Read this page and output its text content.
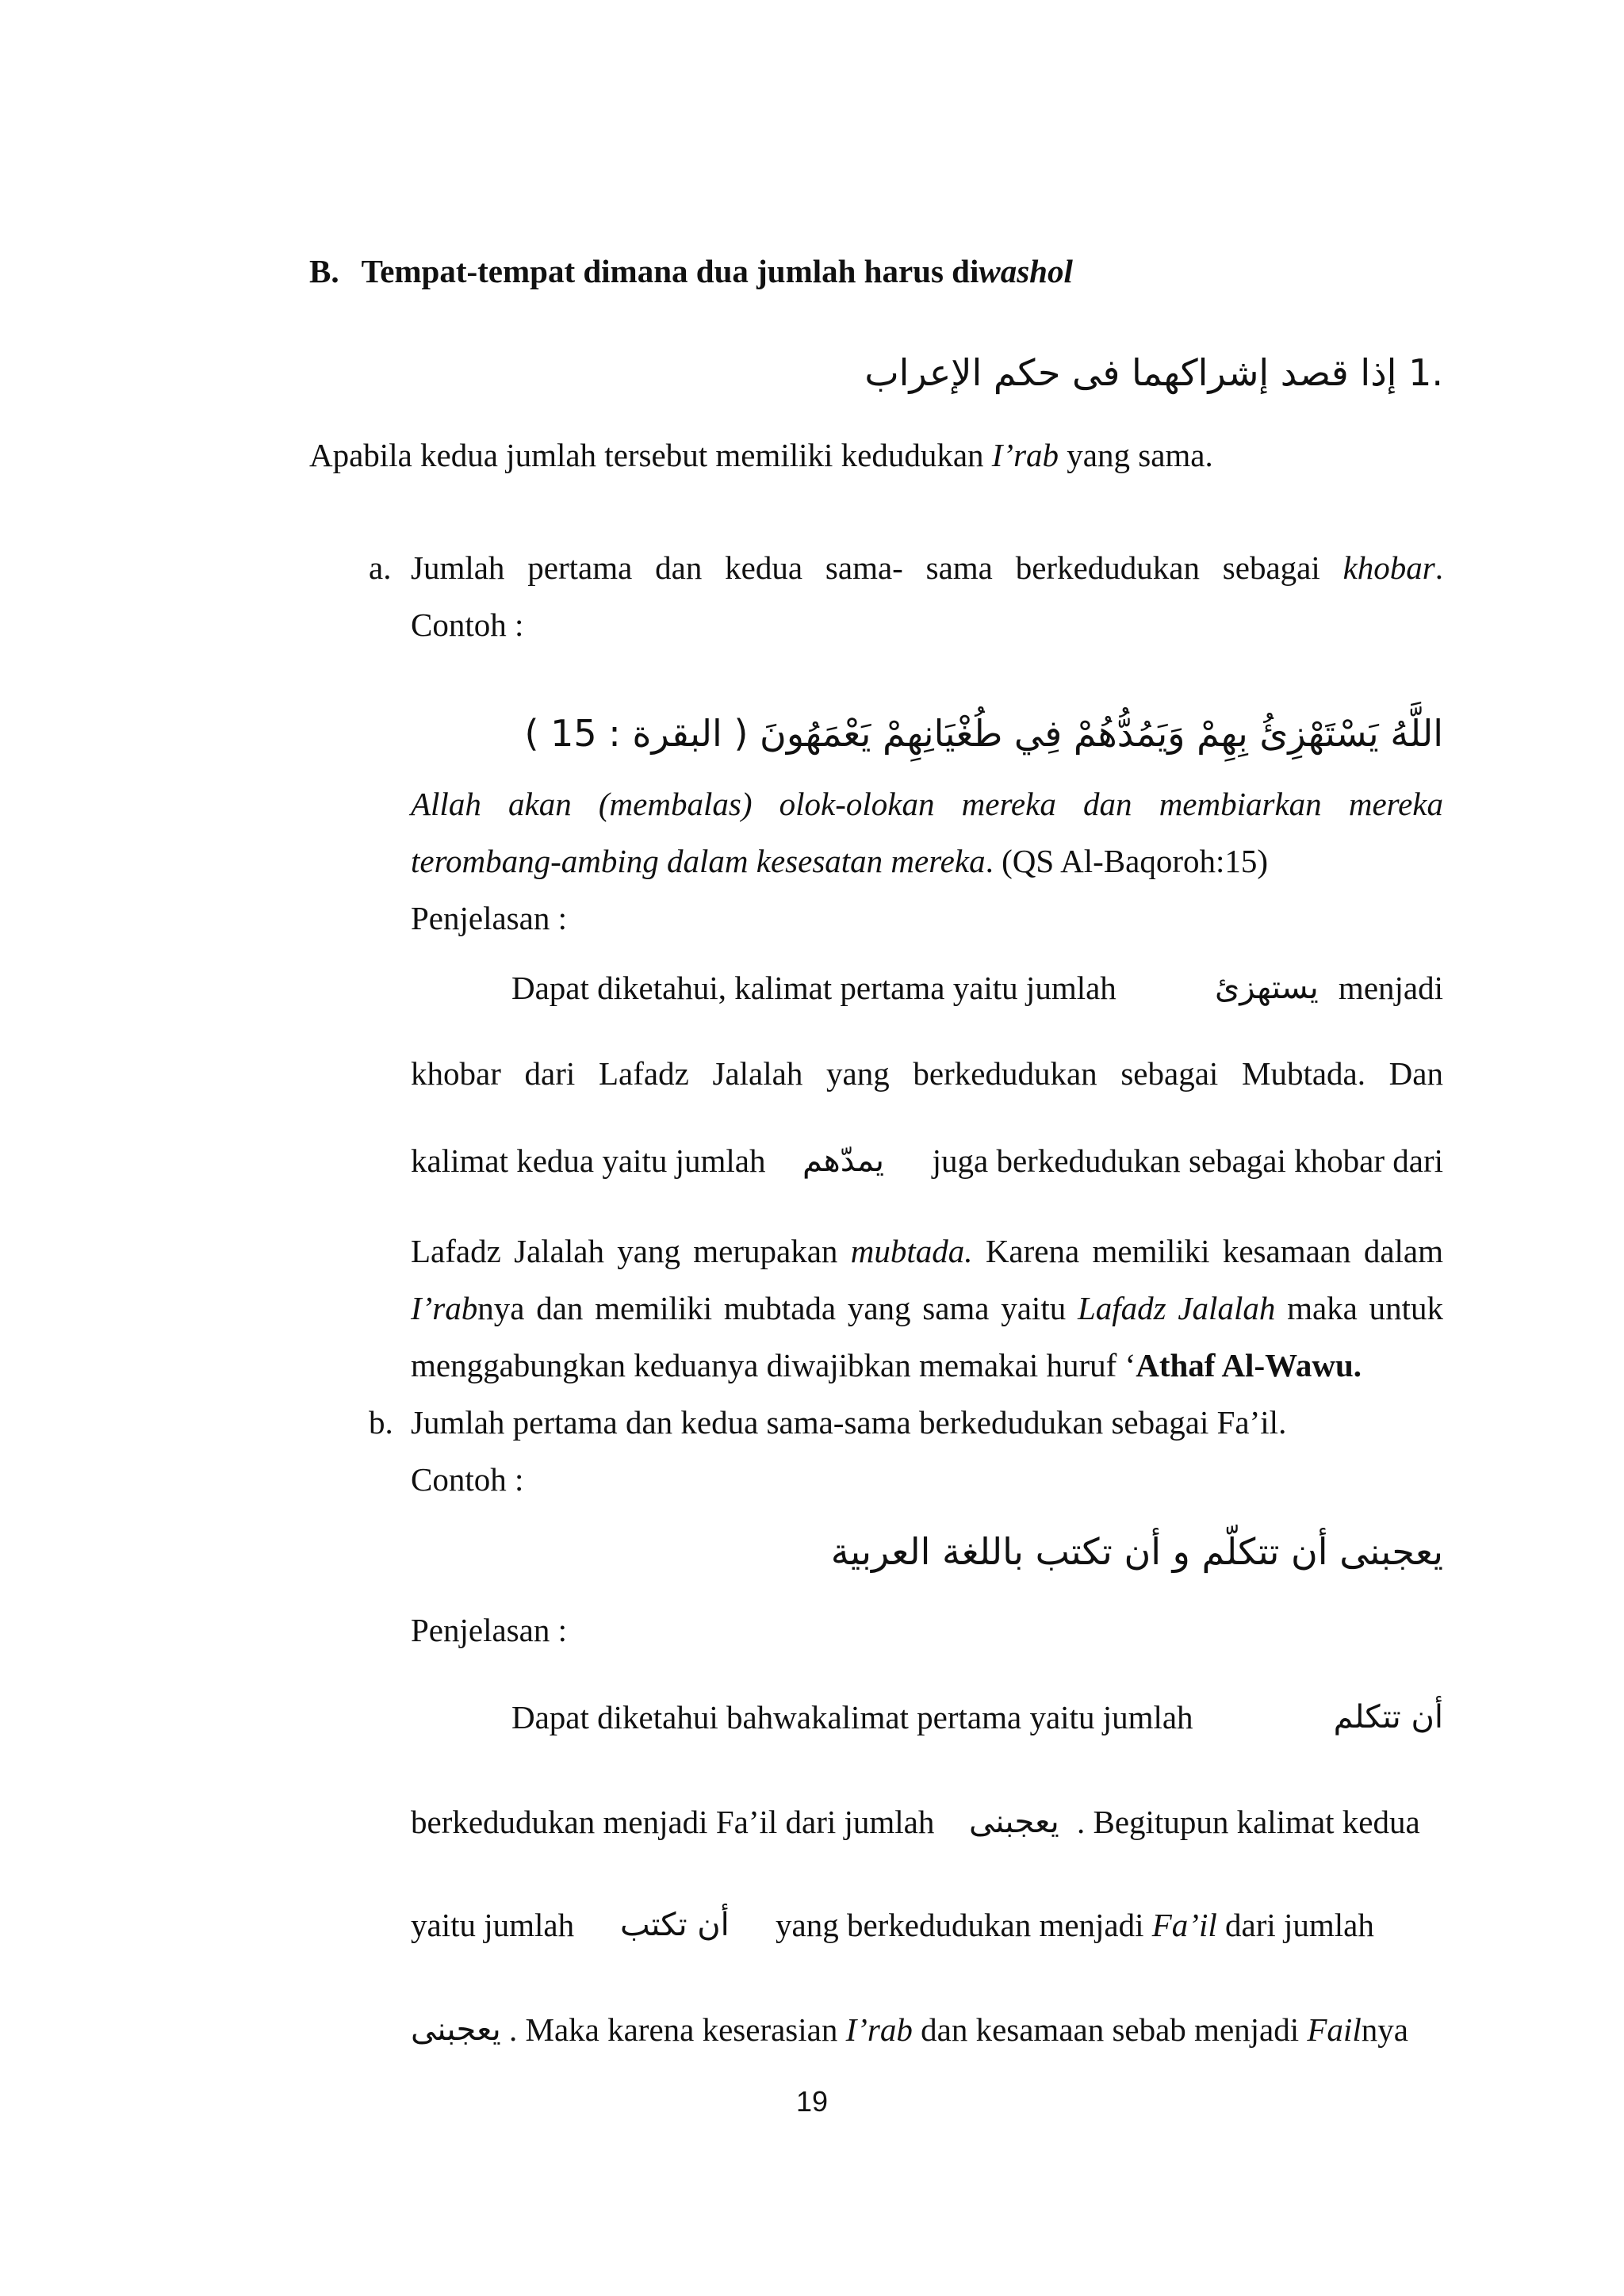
B. Tempat-tempat dimana dua jumlah harus diwashol
.1 إذا قصد إشراكهما فى حكم الإعراب
Apabila kedua jumlah tersebut memiliki kedudukan I’rab yang sama.
a. Jumlah pertama dan kedua sama- sama berkedudukan sebagai khobar.
Contoh :
اللَّهُ يَسْتَهْزِئُ بِهِمْ وَيَمُدُّهُمْ فِي طُغْيَانِهِمْ يَعْمَهُونَ ( البقرة : 15 )
Allah akan (membalas) olok-olokan mereka dan membiarkan mereka
terombang-ambing dalam kesesatan mereka. (QS Al-Baqoroh:15)
Penjelasan :
Dapat diketahui, kalimat pertama yaitu jumlah	يستهزئ menjadi
khobar dari Lafadz Jalalah yang berkedudukan sebagai Mubtada. Dan
kalimat kedua yaitu jumlah يمدّهم juga berkedudukan sebagai khobar dari
Lafadz Jalalah yang merupakan mubtada. Karena memiliki kesamaan dalam
I’rabnya dan memiliki mubtada yang sama yaitu Lafadz Jalalah maka untuk
menggabungkan keduanya diwajibkan memakai huruf ‘Athaf Al-Wawu.
b. Jumlah pertama dan kedua sama-sama berkedudukan sebagai Fa’il.
Contoh :
يعجبنى أن تتكلّم و أن تكتب باللغة العربية
Penjelasan :
Dapat diketahui bahwakalimat pertama yaitu jumlah	أن تتكلم
berkedudukan menjadi Fa’il dari jumlah يعجبنى . Begitupun kalimat kedua
yaitu jumlah أن تكتب yang berkedudukan menjadi Fa’il dari jumlah
يعجبنى . Maka karena keserasian I’rab dan kesamaan sebab menjadi Failnya
19
